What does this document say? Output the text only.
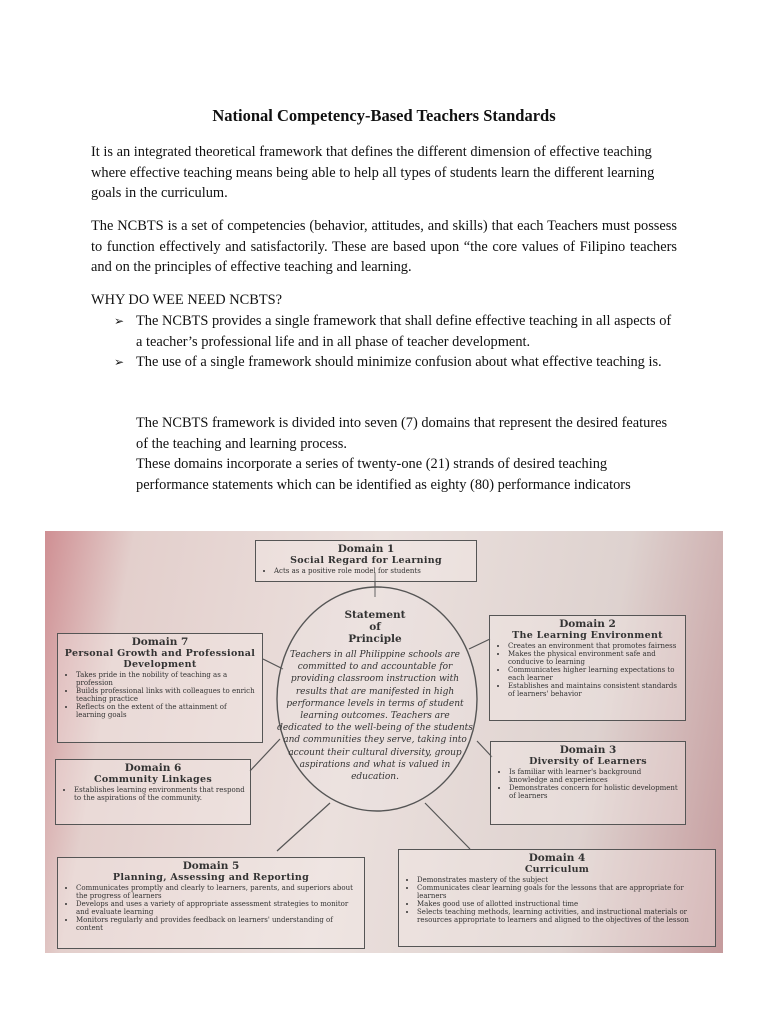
National Competency-Based Teachers Standards

It is an integrated theoretical framework that defines the different dimension of effective teaching where effective teaching means being able to help all types of students learn the different learning goals in the curriculum.

The NCBTS is a set of competencies (behavior, attitudes, and skills) that each Teachers must possess to function effectively and satisfactorily. These are based upon “the core values of Filipino teachers and on the principles of effective teaching and learning.

WHY DO WEE NEED NCBTS?
➢ The NCBTS provides a single framework that shall define effective teaching in all aspects of a teacher’s professional life and in all phase of teacher development.
➢ The use of a single framework should minimize confusion about what effective teaching is.

The NCBTS framework is divided into seven (7) domains that represent the desired features of the teaching and learning process.

These domains incorporate a series of twenty-one (21) strands of desired teaching performance statements which can be identified as eighty (80) performance indicators

Statement
of
Principle
Teachers in all Philippine schools are committed to and accountable for providing classroom instruction with results that are manifested in high performance levels in terms of student learning outcomes. Teachers are dedicated to the well-being of the students and communities they serve, taking into account their cultural diversity, group aspirations and what is valued in education.
Domain 1
Social Regard for Learning
• Acts as a positive role model for students
Domain 2
The Learning Environment
• Creates an environment that promotes fairness
• Makes the physical environment safe and conducive to learning
• Communicates higher learning expectations to each learner
• Establishes and maintains consistent standards of learners' behavior
Domain 3
Diversity of Learners
• Is familiar with learner's background knowledge and experiences
• Demonstrates concern for holistic development of learners
Domain 4
Curriculum
• Demonstrates mastery of the subject
• Communicates clear learning goals for the lessons that are appropriate for learners
• Makes good use of allotted instructional time
• Selects teaching methods, learning activities, and instructional materials or resources appropriate to learners and aligned to the objectives of the lesson
Domain 5
Planning, Assessing and Reporting
• Communicates promptly and clearly to learners, parents, and superiors about the progress of learners
• Develops and uses a variety of appropriate assessment strategies to monitor and evaluate learning
• Monitors regularly and provides feedback on learners' understanding of content
Domain 6
Community Linkages
• Establishes learning environments that respond to the aspirations of the community.
Domain 7
Personal Growth and Professional Development
• Takes pride in the nobility of teaching as a profession
• Builds professional links with colleagues to enrich teaching practice
• Reflects on the extent of the attainment of learning goals
